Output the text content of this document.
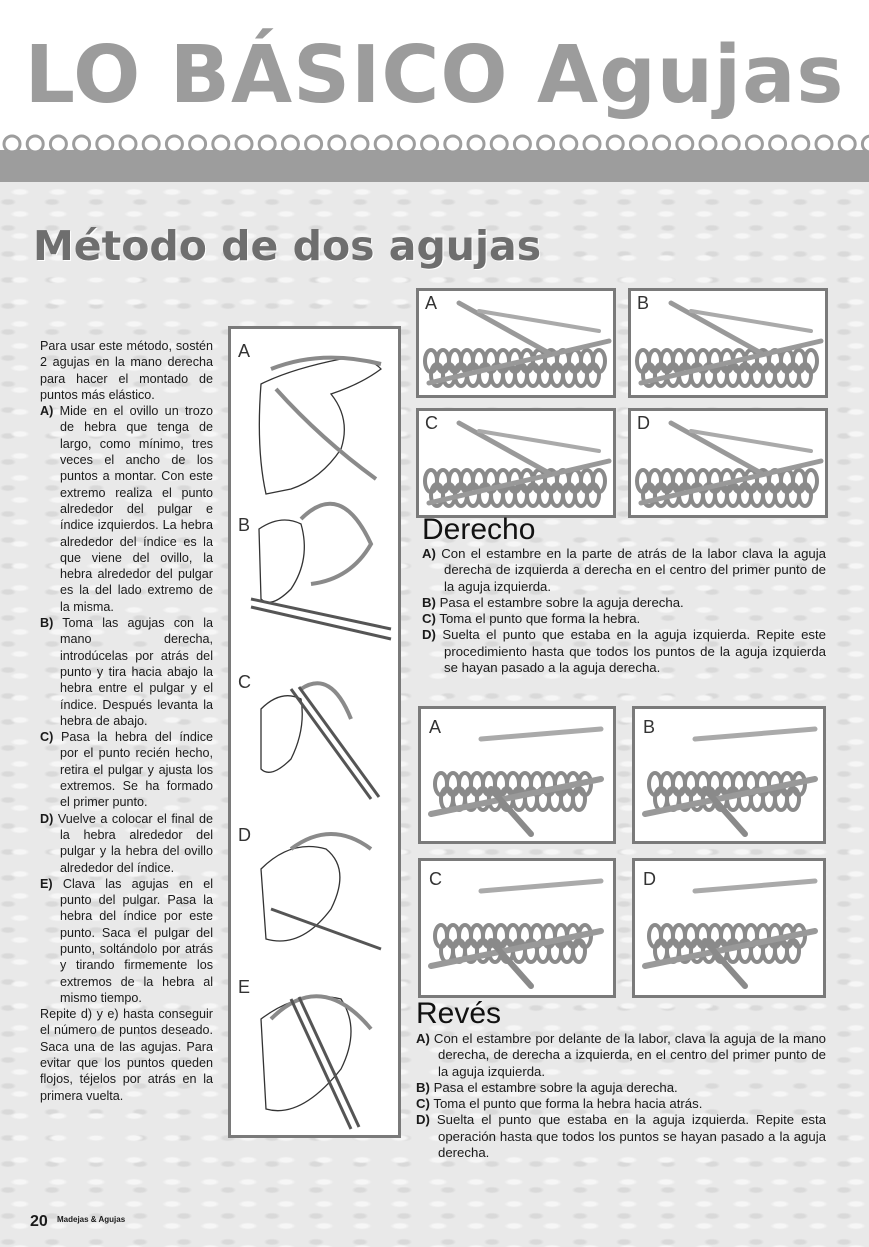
LO BÁSICO Agujas
Método de dos agujas

Para usar este método, sostén 2 agujas en la mano derecha para hacer el montado de puntos más elástico.

A) Mide en el ovillo un trozo de hebra que tenga de largo, como mínimo, tres veces el ancho de los puntos a montar. Con este extremo realiza el punto alrededor del pulgar e índice izquierdos. La hebra alrededor del índice es la que viene del ovillo, la hebra alrededor del pulgar es la del lado extremo de la misma.

B) Toma las agujas con la mano derecha, introdúcelas por atrás del punto y tira hacia abajo la hebra entre el pulgar y el índice. Después levanta la hebra de abajo.

C) Pasa la hebra del índice por el punto recién hecho, retira el pulgar y ajusta los extremos. Se ha formado el primer punto.

D) Vuelve a colocar el final de la hebra alrededor del pulgar y la hebra del ovillo alrededor del índice.

E) Clava las agujas en el punto del pulgar. Pasa la hebra del índice por este punto. Saca el pulgar del punto, soltándolo por atrás y tirando firmemente los extremos de la hebra al mismo tiempo.

Repite d) y e) hasta conseguir el número de puntos deseado. Saca una de las agujas. Para evitar que los puntos queden flojos, téjelos por atrás en la primera vuelta.

A
B
C
D
E
A	B
C	D
Derecho

A) Con el estambre en la parte de atrás de la labor clava la aguja derecha de izquierda a derecha en el centro del primer punto de la aguja izquierda.

B) Pasa el estambre sobre la aguja derecha.

C) Toma el punto que forma la hebra.

D) Suelta el punto que estaba en la aguja izquierda. Repite este procedimiento hasta que todos los puntos de la aguja izquierda se hayan pasado a la aguja derecha.

A	B
C	D
Revés

A) Con el estambre por delante de la labor, clava la aguja de la mano derecha, de derecha a izquierda, en el centro del primer punto de la aguja izquierda.

B) Pasa el estambre sobre la aguja derecha.

C) Toma el punto que forma la hebra hacia atrás.

D) Suelta el punto que estaba en la aguja izquierda. Repite esta operación hasta que todos los puntos se hayan pasado a la aguja derecha.

20 Madejas & Agujas
